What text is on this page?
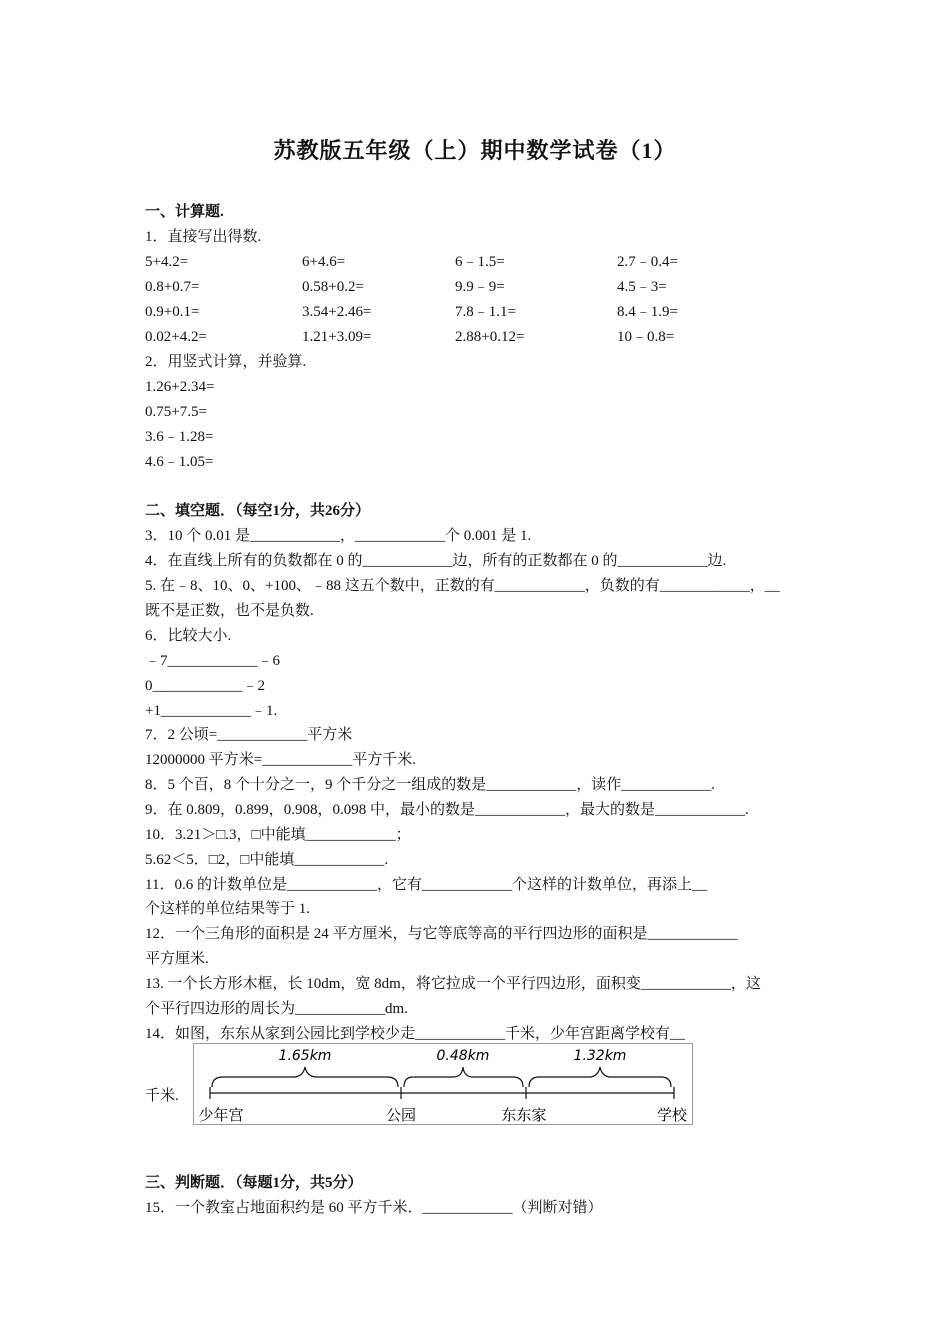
苏教版五年级（上）期中数学试卷（1）
一、计算题.
1．直接写出得数.
5+4.2=	6+4.6=	6﹣1.5=	2.7﹣0.4=
0.8+0.7=	0.58+0.2=	9.9﹣9=	4.5﹣3=
0.9+0.1=	3.54+2.46=	7.8﹣1.1=	8.4﹣1.9=
0.02+4.2=	1.21+3.09=	2.88+0.12=	10﹣0.8=
2．用竖式计算，并验算.
1.26+2.34=
0.75+7.5=
3.6﹣1.28=
4.6﹣1.05=
二、填空题．（每空1分，共26分）
3．10 个 0.01 是____________，____________个 0.001 是 1.
4．在直线上所有的负数都在 0 的____________边，所有的正数都在 0 的____________边.
5. 在﹣8、10、0、+100、﹣88 这五个数中，正数的有____________，负数的有____________，__
既不是正数，也不是负数.
6．比较大小.
﹣7____________﹣6
0____________﹣2
+1____________﹣1.
7．2 公顷=____________平方米
12000000 平方米=____________平方千米.
8．5 个百，8 个十分之一，9 个千分之一组成的数是____________，读作____________.
9．在 0.809，0.899，0.908，0.098 中，最小的数是____________，最大的数是____________.
10．3.21＞□.3，□中能填____________；
5.62＜5．□2，□中能填____________.
11．0.6 的计数单位是____________，它有____________个这样的计数单位，再添上__
个这样的单位结果等于 1.
12．一个三角形的面积是 24 平方厘米，与它等底等高的平行四边形的面积是____________
平方厘米.
13. 一个长方形木框，长 10dm，宽 8dm，将它拉成一个平行四边形，面积变____________，这
个平行四边形的周长为____________dm.
14．如图，东东从家到公园比到学校少走____________千米，少年宫距离学校有__
千米.
1.65km	0.48km	1.32km
少年宫	公园	东东家	学校
三、判断题．（每题1分，共5分）
15．一个教室占地面积约是 60 平方千米．____________（判断对错）
